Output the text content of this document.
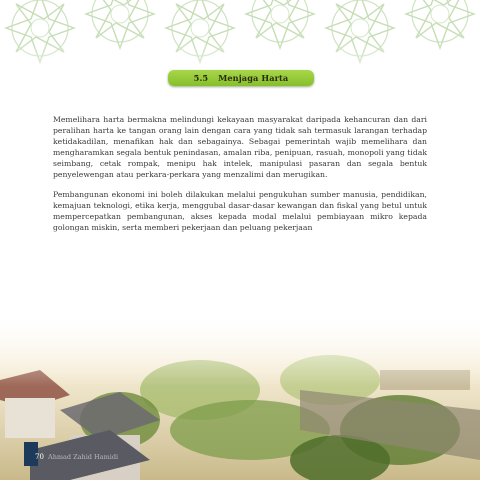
5.5 Menjaga Harta

Memelihara harta bermakna melindungi kekayaan masyarakat daripada kehancuran dan dari peralihan harta ke tangan orang lain dengan cara yang tidak sah termasuk larangan terhadap ketidakadilan, menafikan hak dan sebagainya. Sebagai pemerintah wajib memelihara dan mengharamkan segala bentuk penindasan, amalan riba, penipuan, rasuah, monopoli yang tidak seimbang, cetak rompak, menipu hak intelek, manipulasi pasaran dan segala bentuk penyelewengan atau perkara-perkara yang menzalimi dan merugikan.

Pembangunan ekonomi ini boleh dilakukan melalui pengukuhan sumber manusia, pendidikan, kemajuan teknologi, etika kerja, menggubal dasar-dasar kewangan dan fiskal yang betul untuk mempercepatkan pembangunan, akses kepada modal melalui pembiayaan mikro kepada golongan miskin, serta memberi pekerjaan dan peluang pekerjaan

70 Ahmad Zahid Hamidi
